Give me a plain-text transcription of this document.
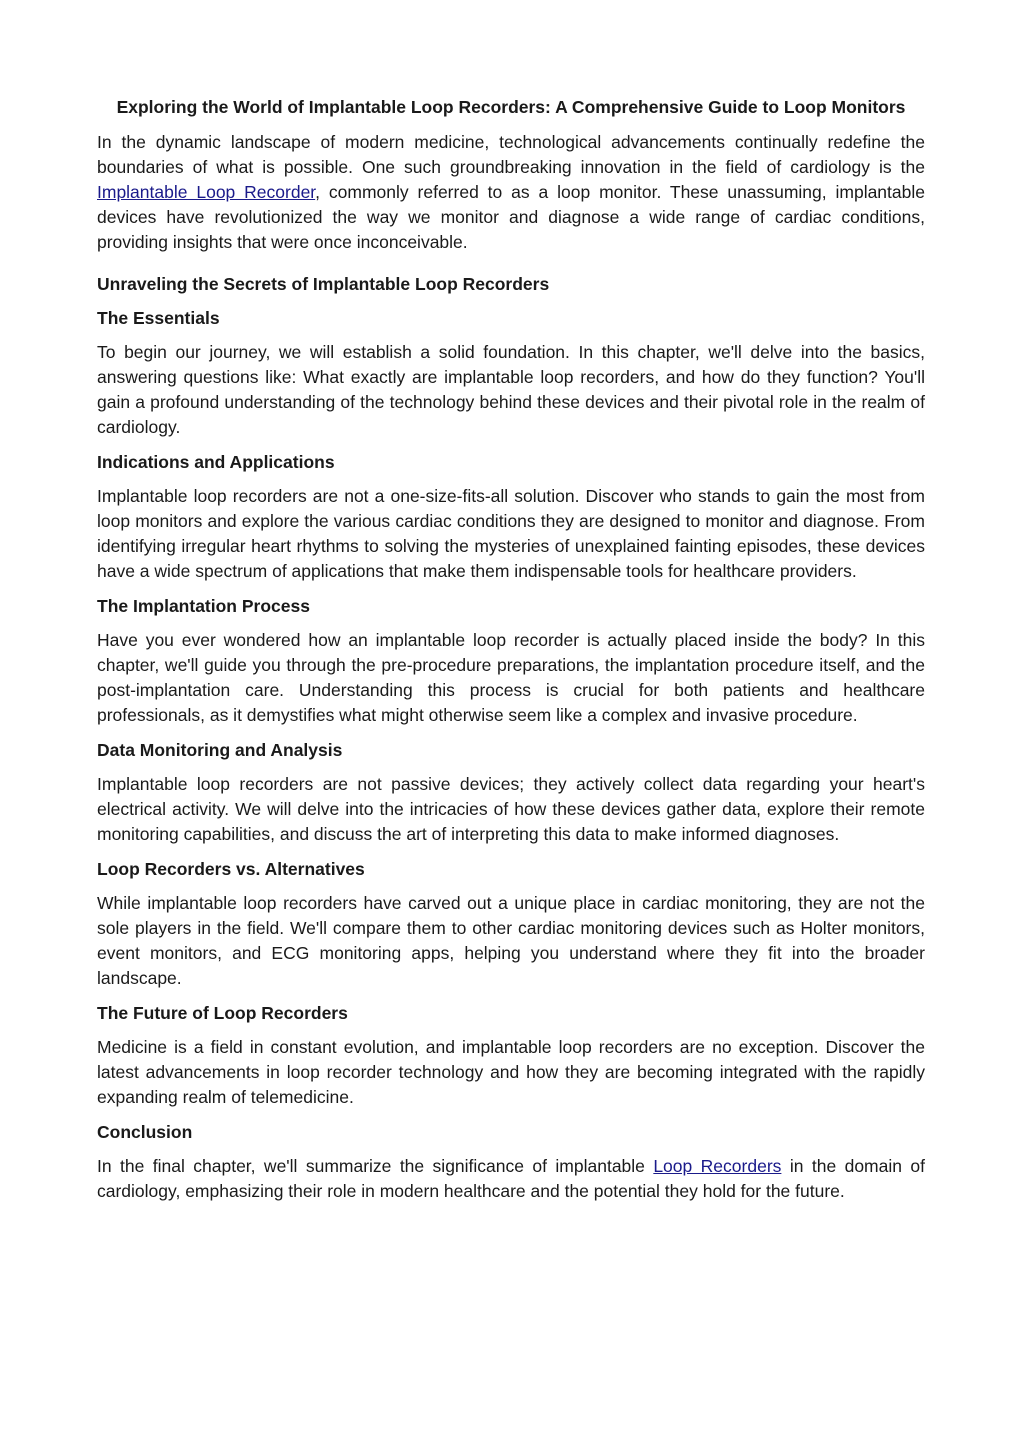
Exploring the World of Implantable Loop Recorders: A Comprehensive Guide to Loop Monitors

In the dynamic landscape of modern medicine, technological advancements continually redefine the boundaries of what is possible. One such groundbreaking innovation in the field of cardiology is the Implantable Loop Recorder, commonly referred to as a loop monitor. These unassuming, implantable devices have revolutionized the way we monitor and diagnose a wide range of cardiac conditions, providing insights that were once inconceivable.

Unraveling the Secrets of Implantable Loop Recorders
The Essentials

To begin our journey, we will establish a solid foundation. In this chapter, we'll delve into the basics, answering questions like: What exactly are implantable loop recorders, and how do they function? You'll gain a profound understanding of the technology behind these devices and their pivotal role in the realm of cardiology.

Indications and Applications

Implantable loop recorders are not a one-size-fits-all solution. Discover who stands to gain the most from loop monitors and explore the various cardiac conditions they are designed to monitor and diagnose. From identifying irregular heart rhythms to solving the mysteries of unexplained fainting episodes, these devices have a wide spectrum of applications that make them indispensable tools for healthcare providers.

The Implantation Process

Have you ever wondered how an implantable loop recorder is actually placed inside the body? In this chapter, we'll guide you through the pre-procedure preparations, the implantation procedure itself, and the post-implantation care. Understanding this process is crucial for both patients and healthcare professionals, as it demystifies what might otherwise seem like a complex and invasive procedure.

Data Monitoring and Analysis

Implantable loop recorders are not passive devices; they actively collect data regarding your heart's electrical activity. We will delve into the intricacies of how these devices gather data, explore their remote monitoring capabilities, and discuss the art of interpreting this data to make informed diagnoses.

Loop Recorders vs. Alternatives

While implantable loop recorders have carved out a unique place in cardiac monitoring, they are not the sole players in the field. We'll compare them to other cardiac monitoring devices such as Holter monitors, event monitors, and ECG monitoring apps, helping you understand where they fit into the broader landscape.

The Future of Loop Recorders

Medicine is a field in constant evolution, and implantable loop recorders are no exception. Discover the latest advancements in loop recorder technology and how they are becoming integrated with the rapidly expanding realm of telemedicine.

Conclusion

In the final chapter, we'll summarize the significance of implantable Loop Recorders in the domain of cardiology, emphasizing their role in modern healthcare and the potential they hold for the future.
